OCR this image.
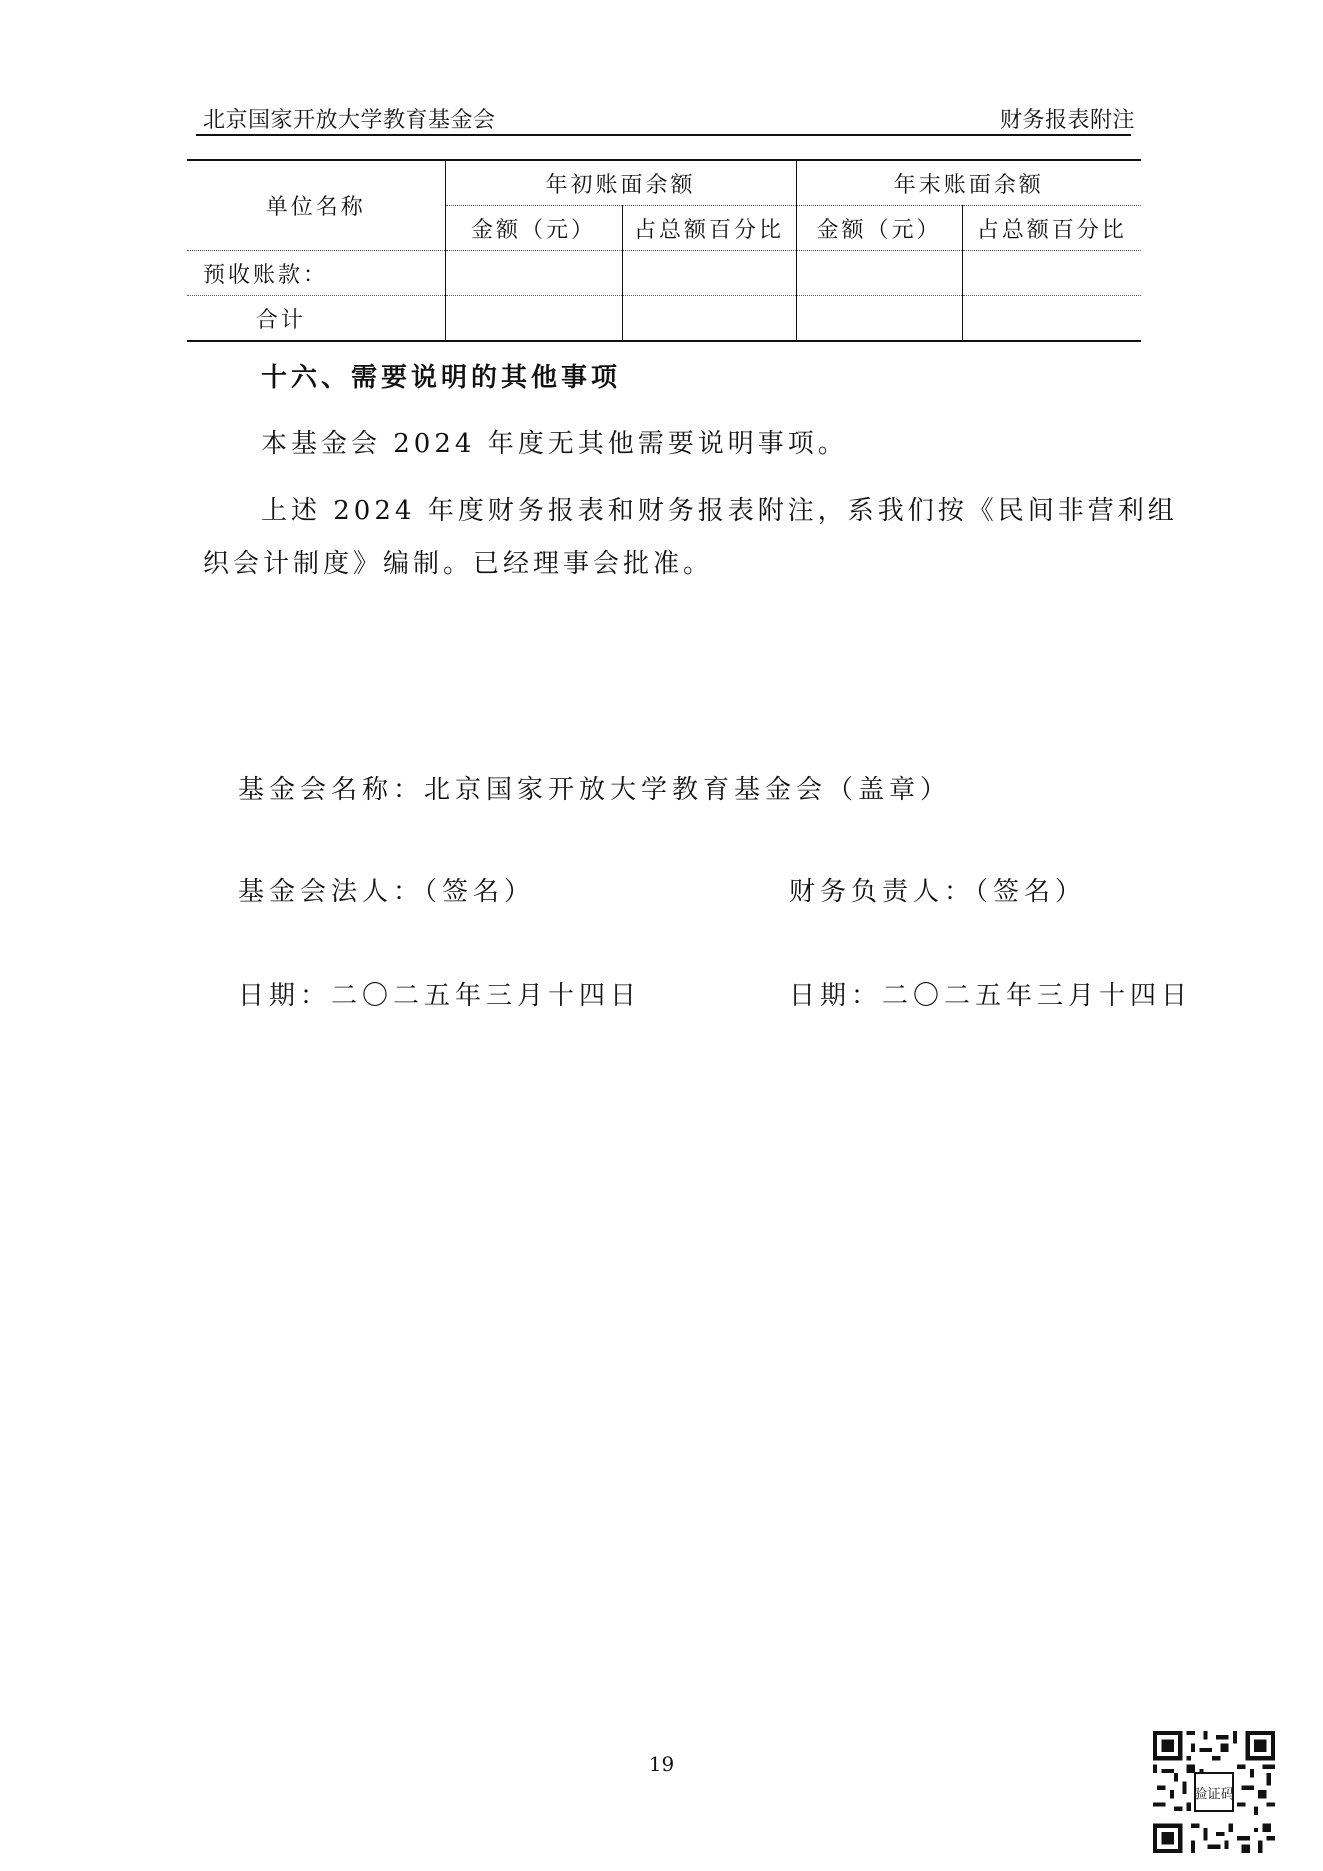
北京国家开放大学教育基金会	财务报表附注
单位名称	年初账面余额		年末账面余额	
	金额（元）	占总额百分比	金额（元）	占总额百分比
预收账款：				
合计				
十六、需要说明的其他事项
本基金会 2024 年度无其他需要说明事项。
上述 2024 年度财务报表和财务报表附注，系我们按《民间非营利组
织会计制度》编制。已经理事会批准。
基金会名称：北京国家开放大学教育基金会（盖章）
基金会法人：（签名）	财务负责人：（签名）
日期：二〇二五年三月十四日	日期：二〇二五年三月十四日
19
验证码
